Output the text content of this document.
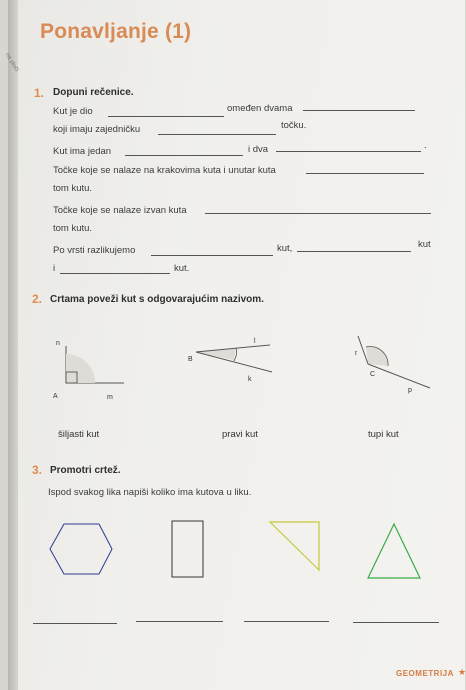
na ploči
Ponavljanje (1)
1. Dopuni rečenice.
Kut je dio	omeđen dvama
koji imaju zajedničku	točku.
Kut ima jedan	i dva	.
Točke koje se nalaze na krakovima kuta i unutar kuta
tom kutu.
Točke koje se nalaze izvan kuta
tom kutu.
Po vrsti razlikujemo	kut,	kut
i	kut.
2. Crtama poveži kut s odgovarajućim nazivom.
n
A	m
l
B
k
r
C
p
šiljasti kut	pravi kut	tupi kut
3. Promotri crtež.
Ispod svakog lika napiši koliko ima kutova u liku.
GEOMETRIJA ★
